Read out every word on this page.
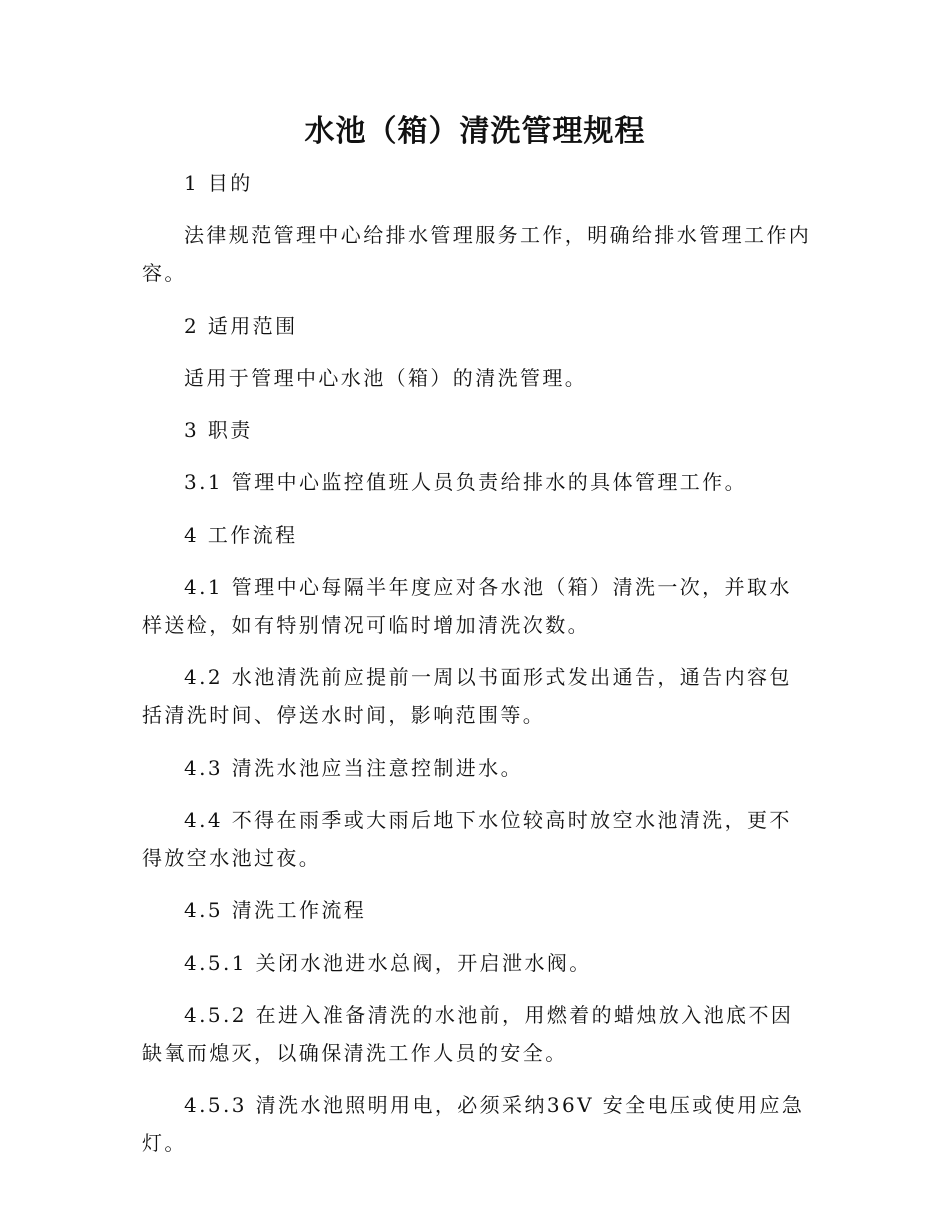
水池（箱）清洗管理规程

1 目的

法律规范管理中心给排水管理服务工作，明确给排水管理工作内容。

2 适用范围

适用于管理中心水池（箱）的清洗管理。

3 职责

3.1 管理中心监控值班人员负责给排水的具体管理工作。

4 工作流程

4.1 管理中心每隔半年度应对各水池（箱）清洗一次，并取水样送检，如有特别情况可临时增加清洗次数。

4.2 水池清洗前应提前一周以书面形式发出通告，通告内容包括清洗时间、停送水时间，影响范围等。

4.3 清洗水池应当注意控制进水。

4.4 不得在雨季或大雨后地下水位较高时放空水池清洗，更不得放空水池过夜。

4.5 清洗工作流程

4.5.1 关闭水池进水总阀，开启泄水阀。

4.5.2 在进入准备清洗的水池前，用燃着的蜡烛放入池底不因缺氧而熄灭，以确保清洗工作人员的安全。

4.5.3 清洗水池照明用电，必须采纳36V 安全电压或使用应急灯。
